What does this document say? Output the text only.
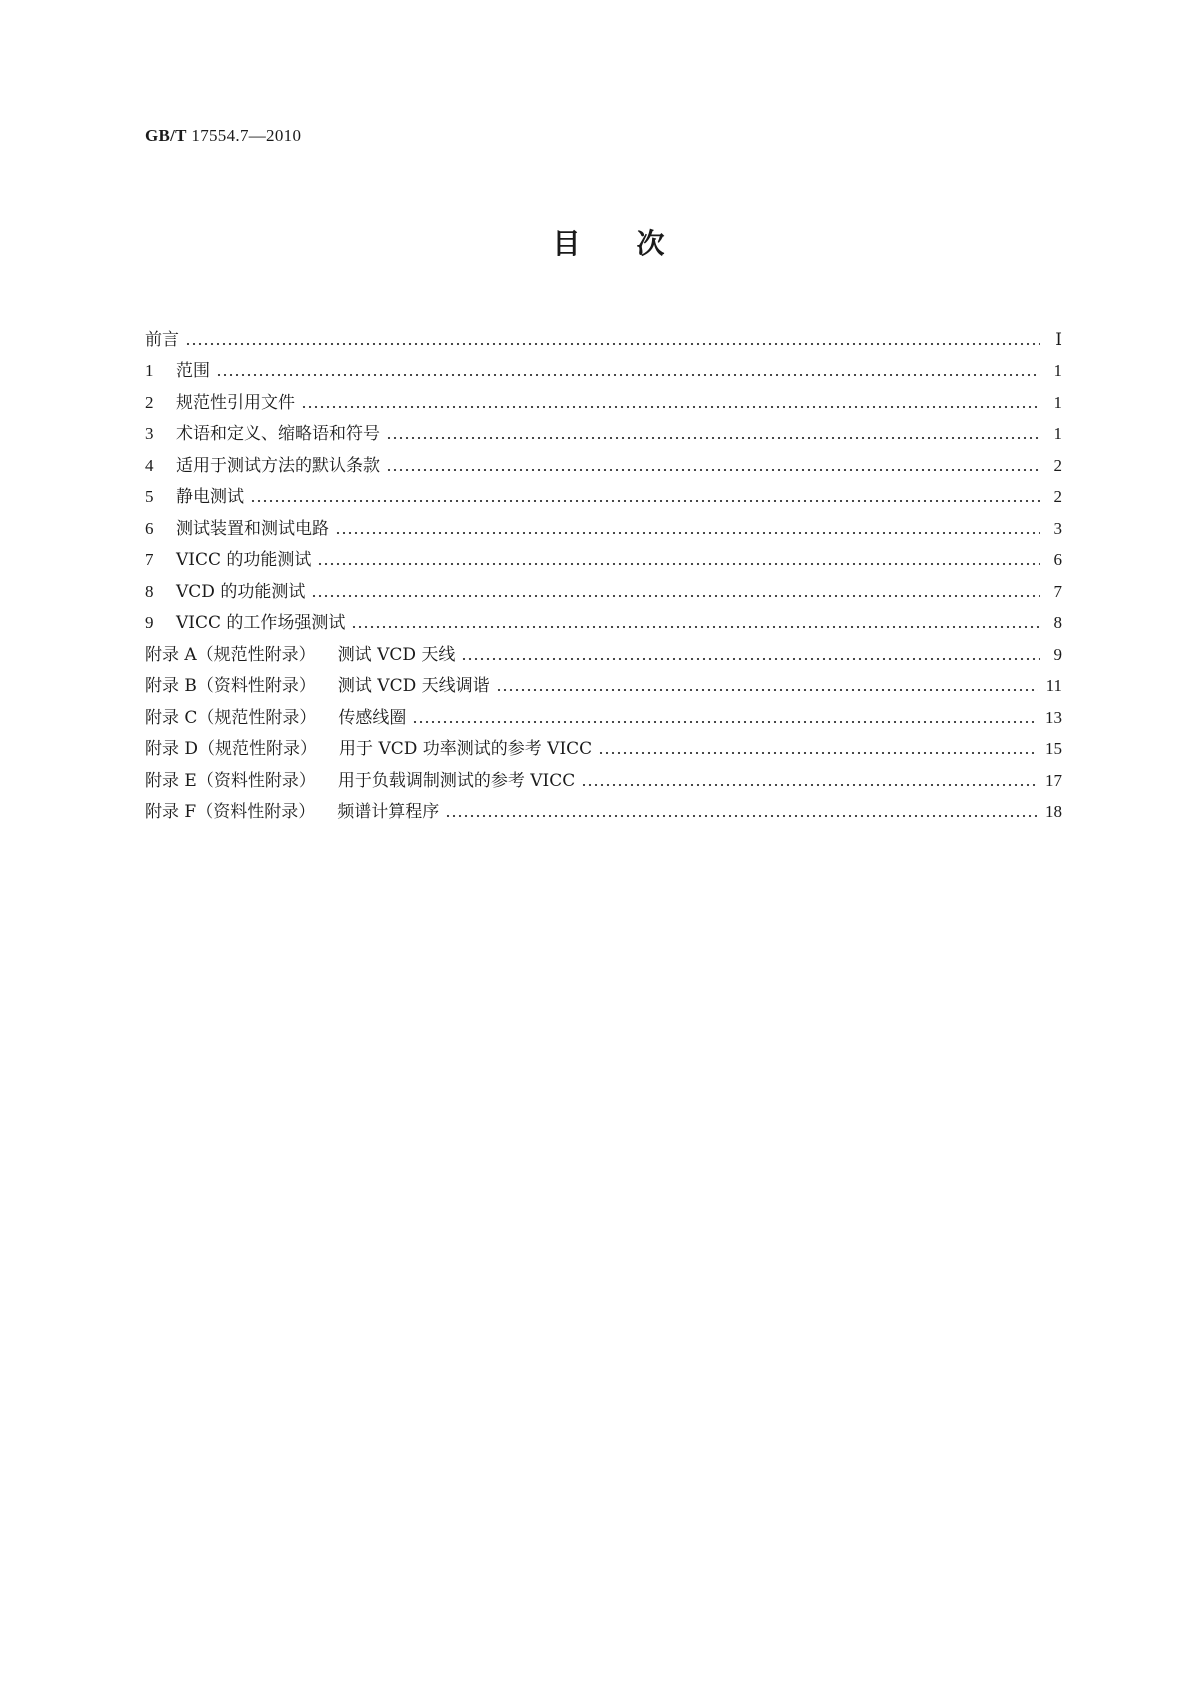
GB/T 17554.7—2010
目 次
前言	Ⅰ
1	范围	1
2	规范性引用文件	1
3	术语和定义、缩略语和符号	1
4	适用于测试方法的默认条款	2
5	静电测试	2
6	测试装置和测试电路	3
7	VICC 的功能测试	6
8	VCD 的功能测试	7
9	VICC 的工作场强测试	8
附录 A（规范性附录）	测试 VCD 天线	9
附录 B（资料性附录）	测试 VCD 天线调谐	11
附录 C（规范性附录）	传感线圈	13
附录 D（规范性附录）	用于 VCD 功率测试的参考 VICC	15
附录 E（资料性附录）	用于负载调制测试的参考 VICC	17
附录 F（资料性附录）	频谱计算程序	18
